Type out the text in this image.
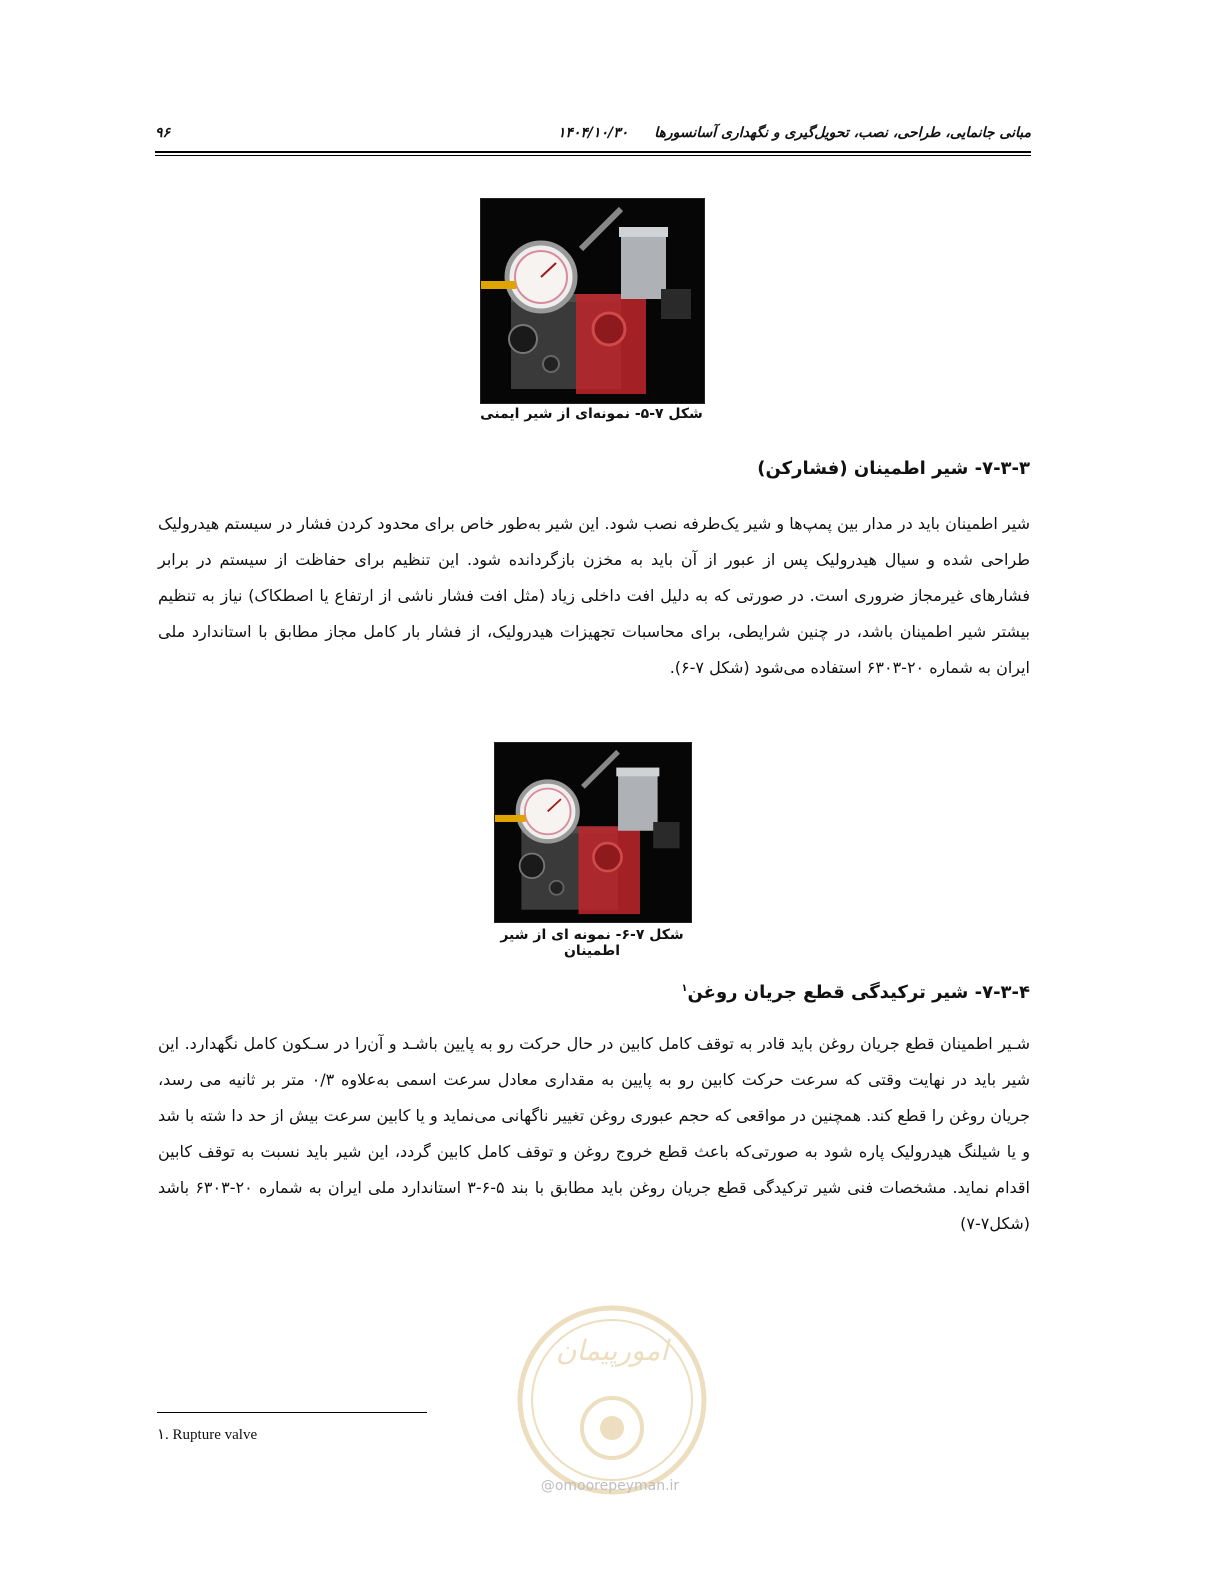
مبانی جانمایی، طراحی، نصب، تحویل‌گیری و نگهداری آسانسورها
۱۴۰۴/۱۰/۳۰
۹۶
شکل ۷-۵- نمونه‌ای از شیر ایمنی
۷-۳-۳- شیر اطمینان (فشارکن)
شیر اطمینان باید در مدار بین پمپ‌ها و شیر یک‌طرفه نصب شود. این شیر به‌طور خاص برای محدود کردن فشار در سیستم هیدرولیک طراحی شده و سیال هیدرولیک پس از عبور از آن باید به مخزن بازگردانده شود. این تنظیم برای حفاظت از سیستم در برابر فشارهای غیرمجاز ضروری است. در صورتی که به دلیل افت داخلی زیاد (مثل افت فشار ناشی از ارتفاع یا اصطکاک) نیاز به تنظیم بیشتر شیر اطمینان باشد، در چنین شرایطی، برای محاسبات تجهیزات هیدرولیک، از فشار بار کامل مجاز مطابق با استاندارد ملی ایران به شماره ۲۰-۶۳۰۳ استفاده می‌شود (شکل ۷-۶).
شکل ۷-۶- نمونه ای از شیر اطمینان
۷-۳-۴- شیر ترکیدگی قطع جریان روغن$^۱$
شـیر اطمینان قطع جریان روغن باید قادر به توقف کامل کابین در حال حرکت رو به پایین باشـد و آن‌را در سـکون کامل نگهدارد. این شیر باید در نهایت وقتی که سرعت حرکت کابین رو به پایین به مقداری معادل سرعت اسمی به‌علاوه ۰/۳ متر بر ثانیه می رسد، جریان روغن را قطع کند. همچنین در مواقعی که حجم عبوری روغن تغییر ناگهانی می‌نماید و یا کابین سرعت بیش از حد دا شته با شد و یا شیلنگ هیدرولیک پاره شود به صورتی‌که باعث قطع خروج روغن و توقف کامل کابین گردد، این شیر باید نسبت به توقف کابین اقدام نماید. مشخصات فنی شیر ترکیدگی قطع جریان روغن باید مطابق با بند ۵-۶-۳ استاندارد ملی ایران به شماره ۲۰-۶۳۰۳ باشد (شکل۷-۷)
امورپیمان
@omoorepeyman.ir
۱. Rupture valve
